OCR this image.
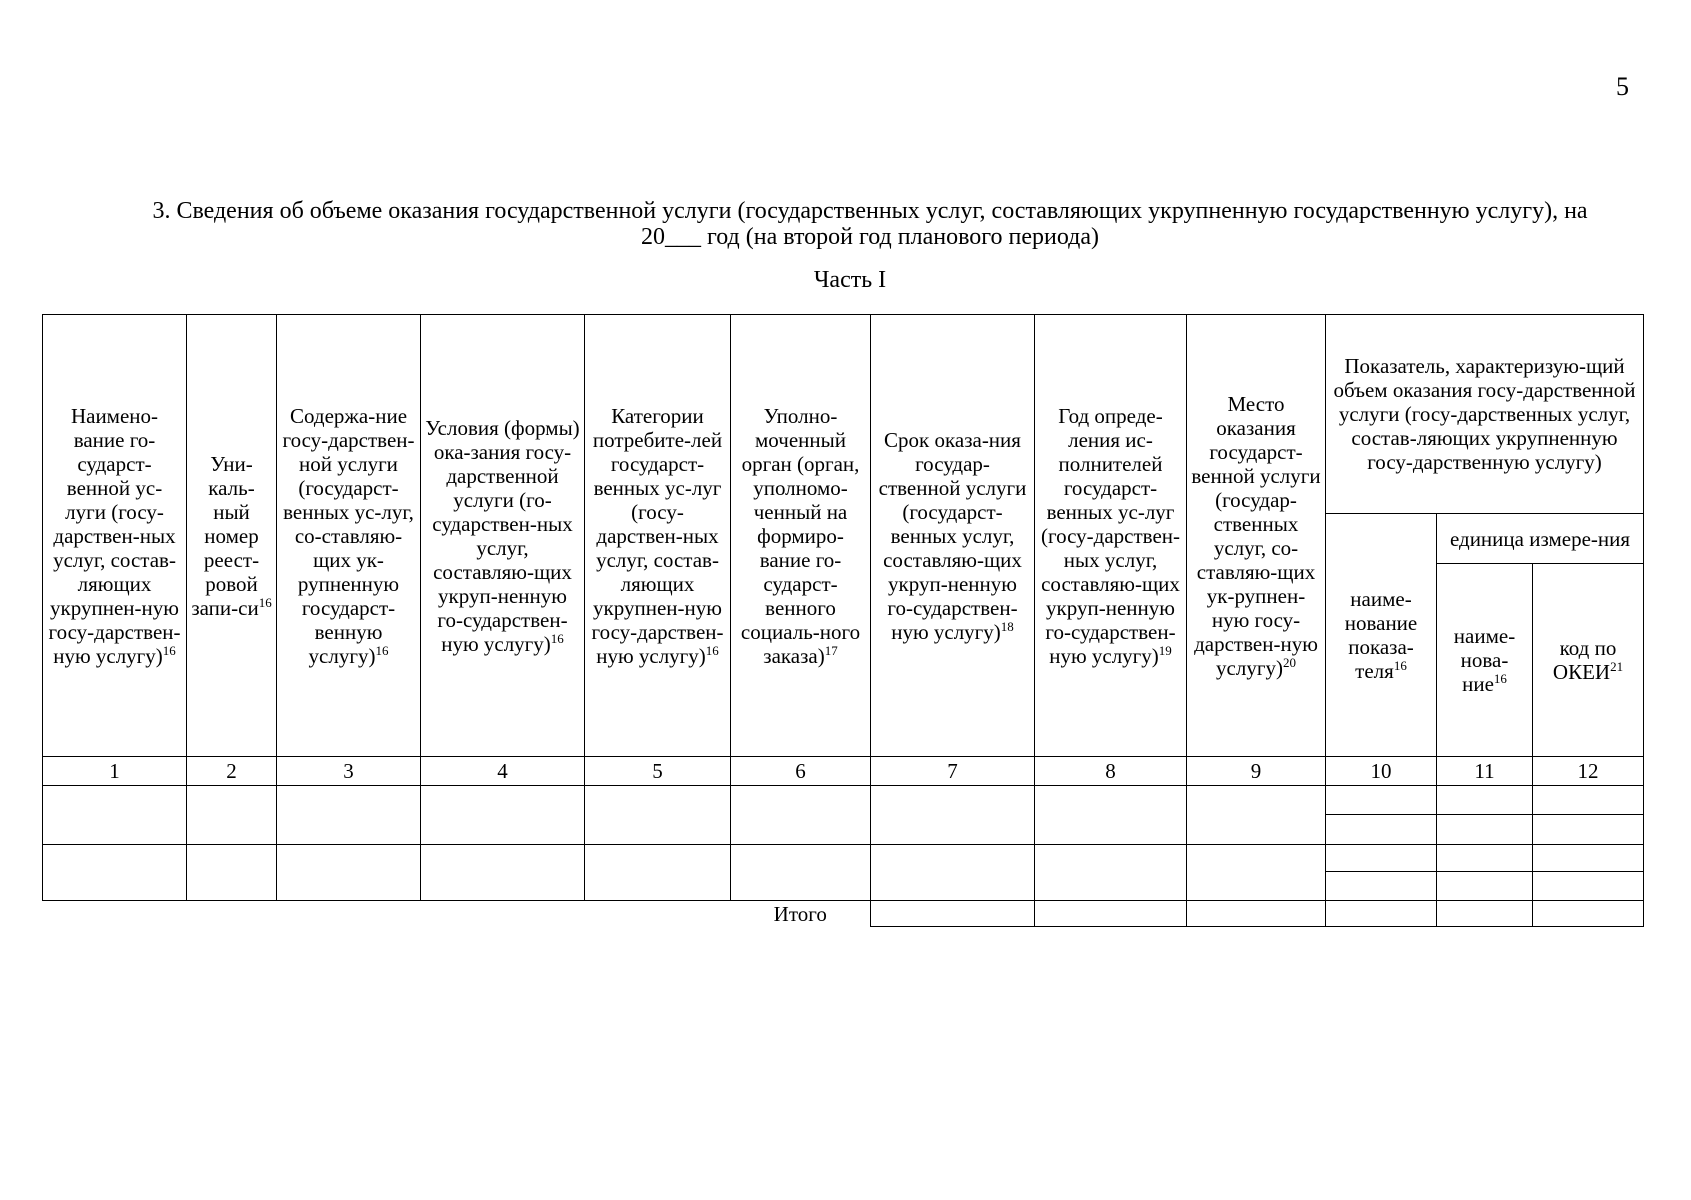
5
3. Сведения об объеме оказания государственной услуги (государственных услуг, составляющих укрупненную государственную услугу), на 20___ год (на второй год планового периода)
Часть I
Наимено-вание го-сударст-венной ус-луги (госу-дарствен-ных услуг, состав-ляющих укрупнен-ную госу-дарствен-ную услугу)$^{16}$	Уни-каль-ный номер реест-ровой запи-$си^{16}$	Содержа-ние госу-дарствен-ной услуги (государст-венных ус-луг, со-ставляю-щих ук-рупненную государст-венную услугу)$^{16}$	Условия (формы) ока-зания госу-дарственной услуги (го-сударствен-ных услуг, составляю-щих укруп-ненную го-сударствен-ную услугу)$^{16}$	Категории потребите-лей государст-венных ус-луг (госу-дарствен-ных услуг, состав-ляющих укрупнен-ную госу-дарствен-ную услугу)$^{16}$	Уполно-моченный орган (орган, уполномо-ченный на формиро-вание го-сударст-венного социаль-ного заказа)$^{17}$	Срок оказа-ния государ-ственной услуги (государст-венных услуг, составляю-щих укруп-ненную го-сударствен-ную услугу)$^{18}$	Год опреде-ления ис-полнителей государст-венных ус-луг (госу-дарствен-ных услуг, составляю-щих укруп-ненную го-сударствен-ную услугу)$^{19}$	Место оказания государст-венной услуги (государ-ственных услуг, со-ставляю-щих ук-рупнен-ную госу-дарствен-ную услугу)$^{20}$	Показатель, характеризую-щий объем оказания госу-дарственной услуги (госу-дарственных услуг, состав-ляющих укрупненную госу-дарственную услугу)		
									наиме-нование показа-теля$^{16}$	единица измере-ния	
										наиме-нова-ние$^{16}$	код по ОКЕИ$^{21}$
1	2	3	4	5	6	7	8	9	10	11	12

					Итого						
